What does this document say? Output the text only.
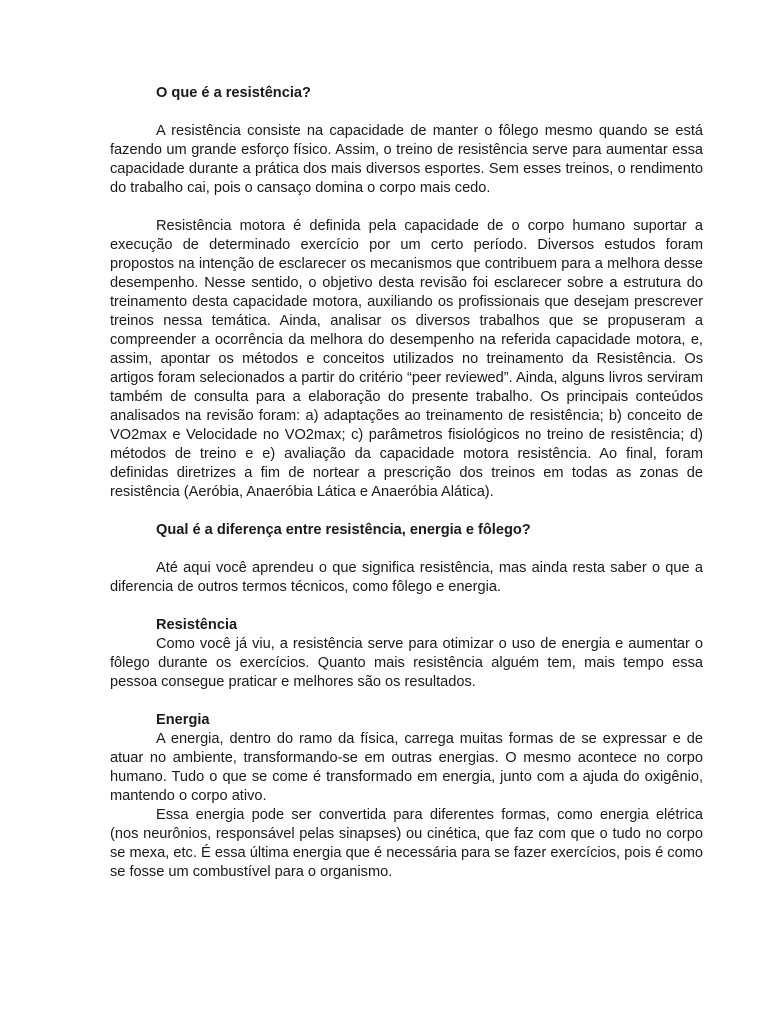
O que é a resistência?

A resistência consiste na capacidade de manter o fôlego mesmo quando se está fazendo um grande esforço físico. Assim, o treino de resistência serve para aumentar essa capacidade durante a prática dos mais diversos esportes. Sem esses treinos, o rendimento do trabalho cai, pois o cansaço domina o corpo mais cedo.

Resistência motora é definida pela capacidade de o corpo humano suportar a execução de determinado exercício por um certo período. Diversos estudos foram propostos na intenção de esclarecer os mecanismos que contribuem para a melhora desse desempenho. Nesse sentido, o objetivo desta revisão foi esclarecer sobre a estrutura do treinamento desta capacidade motora, auxiliando os profissionais que desejam prescrever treinos nessa temática. Ainda, analisar os diversos trabalhos que se propuseram a compreender a ocorrência da melhora do desempenho na referida capacidade motora, e, assim, apontar os métodos e conceitos utilizados no treinamento da Resistência. Os artigos foram selecionados a partir do critério “peer reviewed”. Ainda, alguns livros serviram também de consulta para a elaboração do presente trabalho. Os principais conteúdos analisados na revisão foram: a) adaptações ao treinamento de resistência; b) conceito de VO2max e Velocidade no VO2max; c) parâmetros fisiológicos no treino de resistência; d) métodos de treino e e) avaliação da capacidade motora resistência. Ao final, foram definidas diretrizes a fim de nortear a prescrição dos treinos em todas as zonas de resistência (Aeróbia, Anaeróbia Lática e Anaeróbia Alática).

Qual é a diferença entre resistência, energia e fôlego?

Até aqui você aprendeu o que significa resistência, mas ainda resta saber o que a diferencia de outros termos técnicos, como fôlego e energia.

Resistência

Como você já viu, a resistência serve para otimizar o uso de energia e aumentar o fôlego durante os exercícios. Quanto mais resistência alguém tem, mais tempo essa pessoa consegue praticar e melhores são os resultados.

Energia

A energia, dentro do ramo da física, carrega muitas formas de se expressar e de atuar no ambiente, transformando-se em outras energias. O mesmo acontece no corpo humano. Tudo o que se come é transformado em energia, junto com a ajuda do oxigênio, mantendo o corpo ativo.

Essa energia pode ser convertida para diferentes formas, como energia elétrica (nos neurônios, responsável pelas sinapses) ou cinética, que faz com que o tudo no corpo se mexa, etc. É essa última energia que é necessária para se fazer exercícios, pois é como se fosse um combustível para o organismo.
